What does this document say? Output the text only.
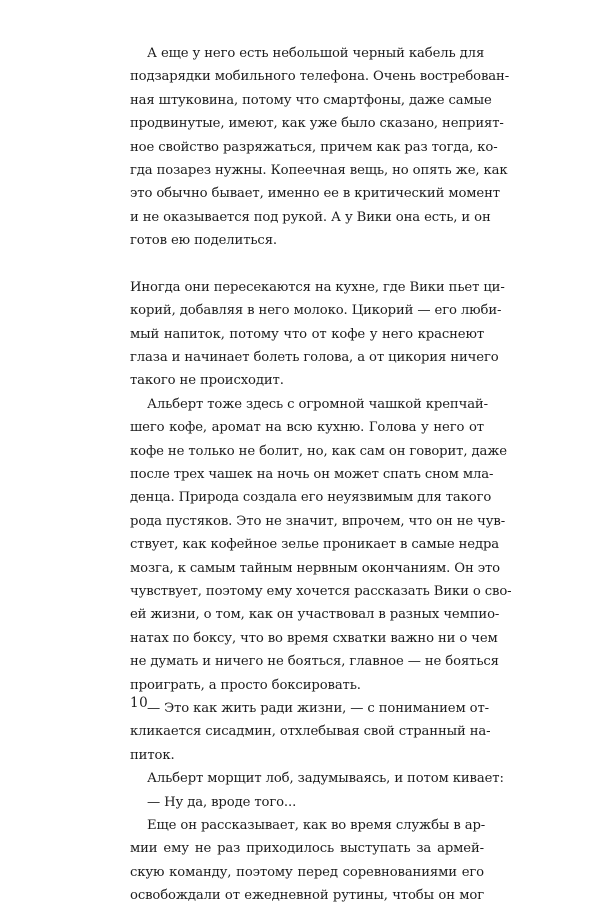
А еще у него есть небольшой черный кабель для
подзарядки мобильного телефона. Очень востребован-
ная штуковина, потому что смартфоны, даже самые
продвинутые, имеют, как уже было сказано, неприят-
ное свойство разряжаться, причем как раз тогда, ко-
гда позарез нужны. Копеечная вещь, но опять же, как
это обычно бывает, именно ее в критический момент
и не оказывается под рукой. А у Вики она есть, и он
готов ею поделиться.
Иногда они пересекаются на кухне, где Вики пьет ци-
корий, добавляя в него молоко. Цикорий — его люби-
мый напиток, потому что от кофе у него краснеют
глаза и начинает болеть голова, а от цикория ничего
такого не происходит.
Альберт тоже здесь с огромной чашкой крепчай-
шего кофе, аромат на всю кухню. Голова у него от
кофе не только не болит, но, как сам он говорит, даже
после трех чашек на ночь он может спать сном мла-
денца. Природа создала его неуязвимым для такого
рода пустяков. Это не значит, впрочем, что он не чув-
ствует, как кофейное зелье проникает в самые недра
мозга, к самым тайным нервным окончаниям. Он это
чувствует, поэтому ему хочется рассказать Вики о сво-
ей жизни, о том, как он участвовал в разных чемпио-
натах по боксу, что во время схватки важно ни о чем
не думать и ничего не бояться, главное — не бояться
проиграть, а просто боксировать.
— Это как жить ради жизни, — с пониманием от-
кликается сисадмин, отхлебывая свой странный на-
питок.
Альберт морщит лоб, задумываясь, и потом кивает:
— Ну да, вроде того...
Еще он рассказывает, как во время службы в ар-
мии ему не раз приходилось выступать за армей-
скую команду, поэтому перед соревнованиями его
освобождали от ежедневной рутины, чтобы он мог
10
